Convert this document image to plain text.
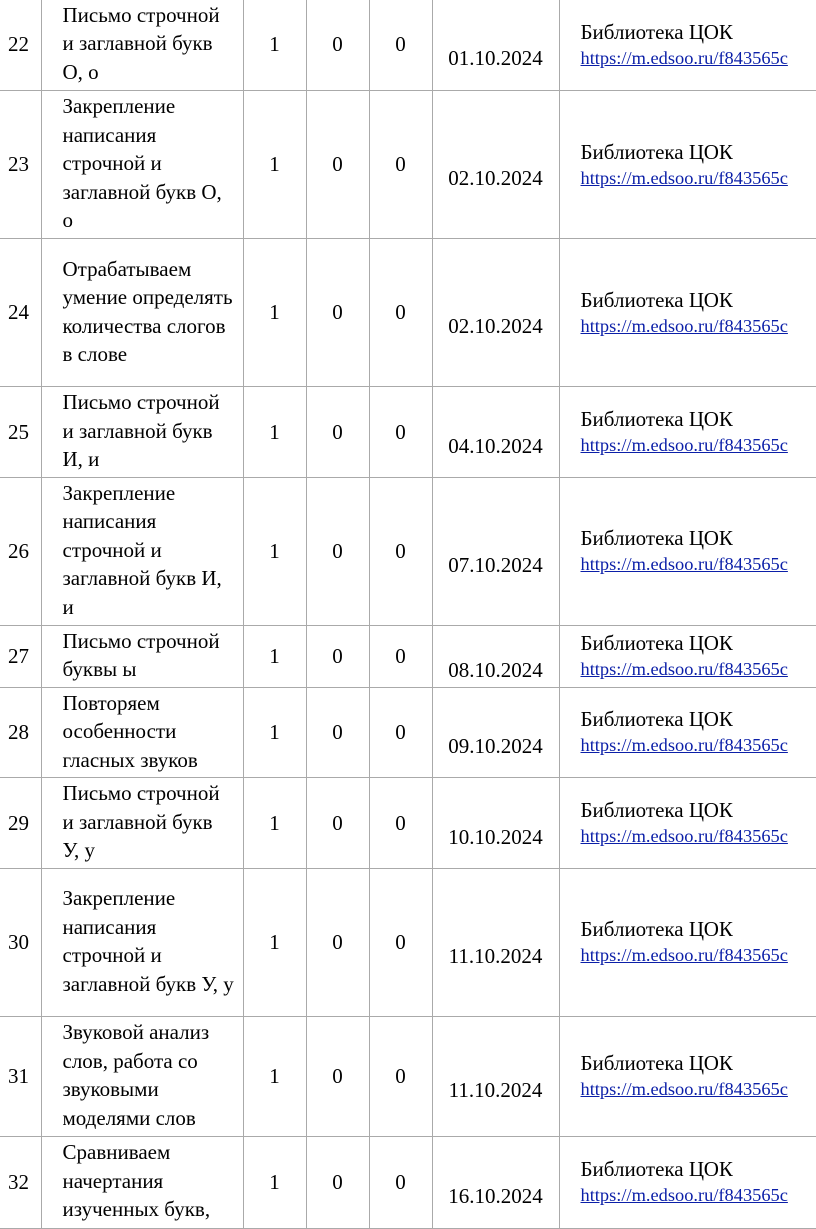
22	Письмо строчной и заглавной букв О, о	1	0	0	01.10.2024	Библиотека ЦОК
https://m.edsoo.ru/f843565c

23	Закрепление написания строчной и заглавной букв О, о	1	0	0	02.10.2024	Библиотека ЦОК
https://m.edsoo.ru/f843565c

24	Отрабатываем умение определять количества слогов в слове	1	0	0	02.10.2024	Библиотека ЦОК
https://m.edsoo.ru/f843565c

25	Письмо строчной и заглавной букв И, и	1	0	0	04.10.2024	Библиотека ЦОК
https://m.edsoo.ru/f843565c

26	Закрепление написания строчной и заглавной букв И, и	1	0	0	07.10.2024	Библиотека ЦОК
https://m.edsoo.ru/f843565c

27	Письмо строчной буквы ы	1	0	0	08.10.2024	Библиотека ЦОК
https://m.edsoo.ru/f843565c

28	Повторяем особенности гласных звуков	1	0	0	09.10.2024	Библиотека ЦОК
https://m.edsoo.ru/f843565c

29	Письмо строчной и заглавной букв У, у	1	0	0	10.10.2024	Библиотека ЦОК
https://m.edsoo.ru/f843565c

30	Закрепление написания строчной и заглавной букв У, у	1	0	0	11.10.2024	Библиотека ЦОК
https://m.edsoo.ru/f843565c

31	Звуковой анализ слов, работа со звуковыми моделями слов	1	0	0	11.10.2024	Библиотека ЦОК
https://m.edsoo.ru/f843565c

32	Сравниваем начертания изученных букв,	1	0	0	16.10.2024	Библиотека ЦОК
https://m.edsoo.ru/f843565c
